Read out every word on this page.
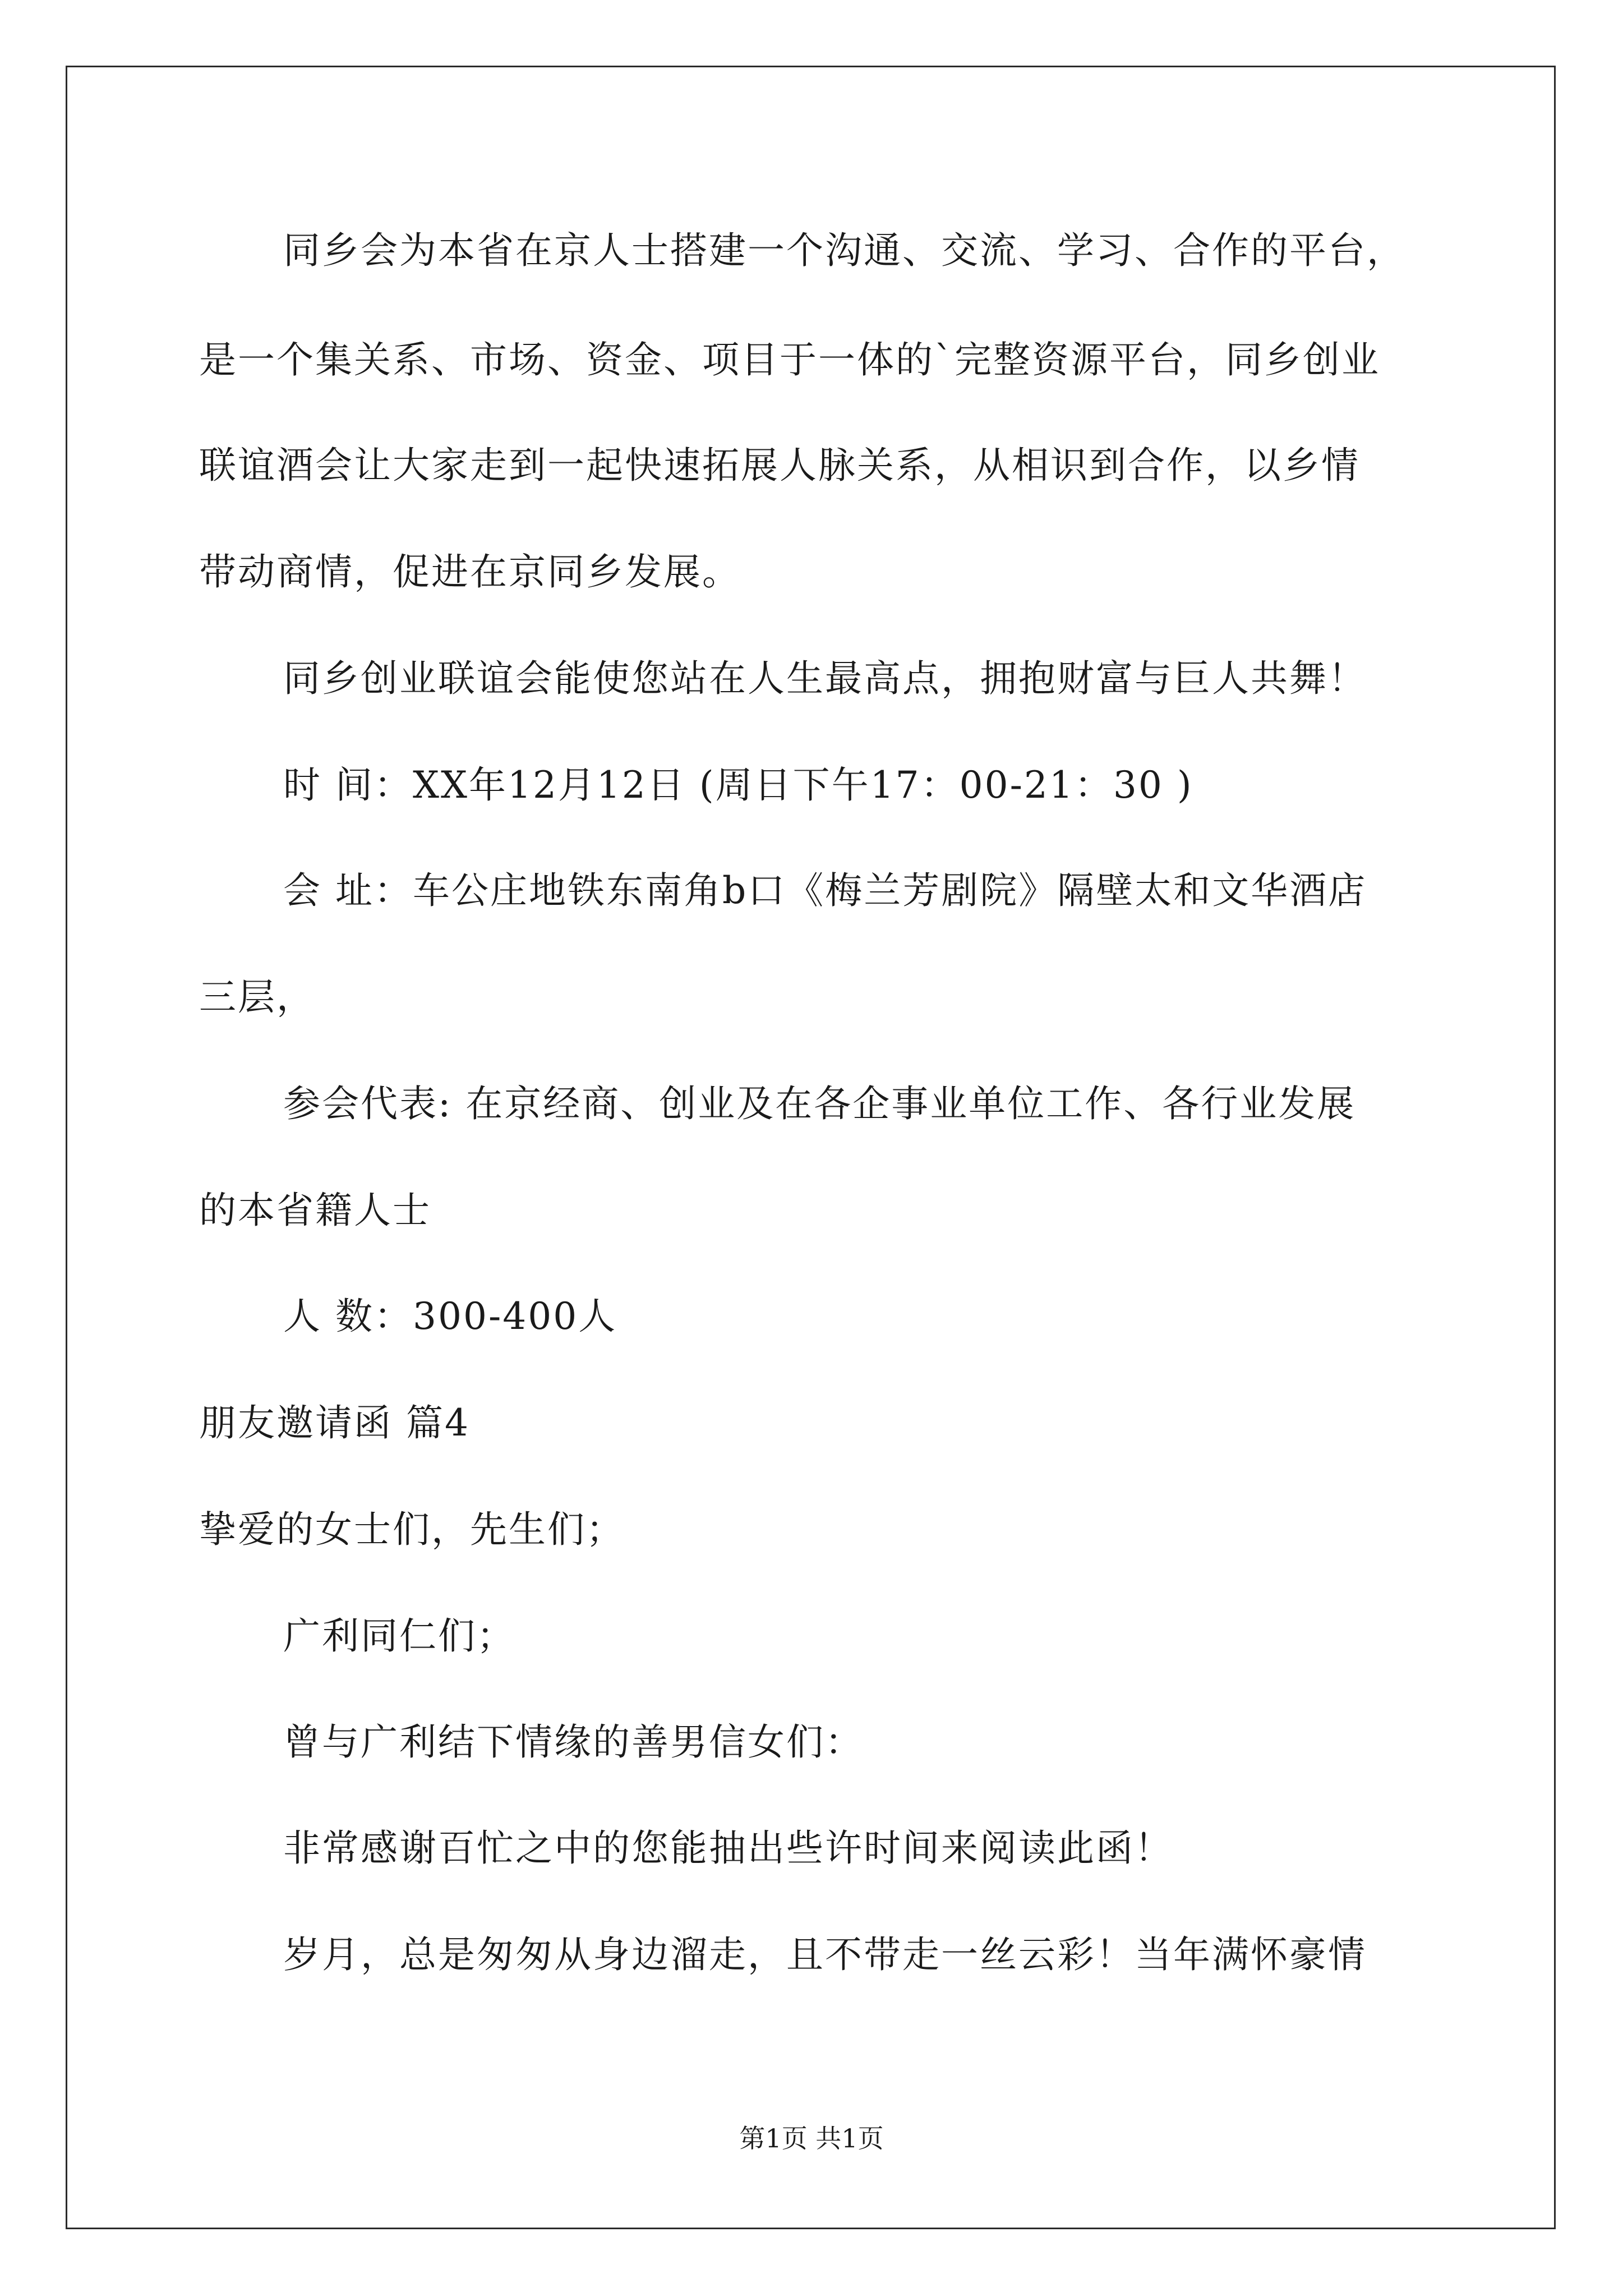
同乡会为本省在京人士搭建一个沟通、交流、学习、合作的平台，
是一个集关系、市场、资金、项目于一体的`完整资源平台，同乡创业
联谊酒会让大家走到一起快速拓展人脉关系，从相识到合作，以乡情
带动商情，促进在京同乡发展。
同乡创业联谊会能使您站在人生最高点，拥抱财富与巨人共舞！
时 间：XX年12月12日 (周日下午17：00-21：30 )
会 址：车公庄地铁东南角b口《梅兰芳剧院》隔壁太和文华酒店
三层，
参会代表: 在京经商、创业及在各企事业单位工作、各行业发展
的本省籍人士
人 数：300-400人
朋友邀请函 篇4
挚爱的女士们，先生们；
广利同仁们；
曾与广利结下情缘的善男信女们：
非常感谢百忙之中的您能抽出些许时间来阅读此函！
岁月，总是匆匆从身边溜走，且不带走一丝云彩！当年满怀豪情
第1页 共1页
